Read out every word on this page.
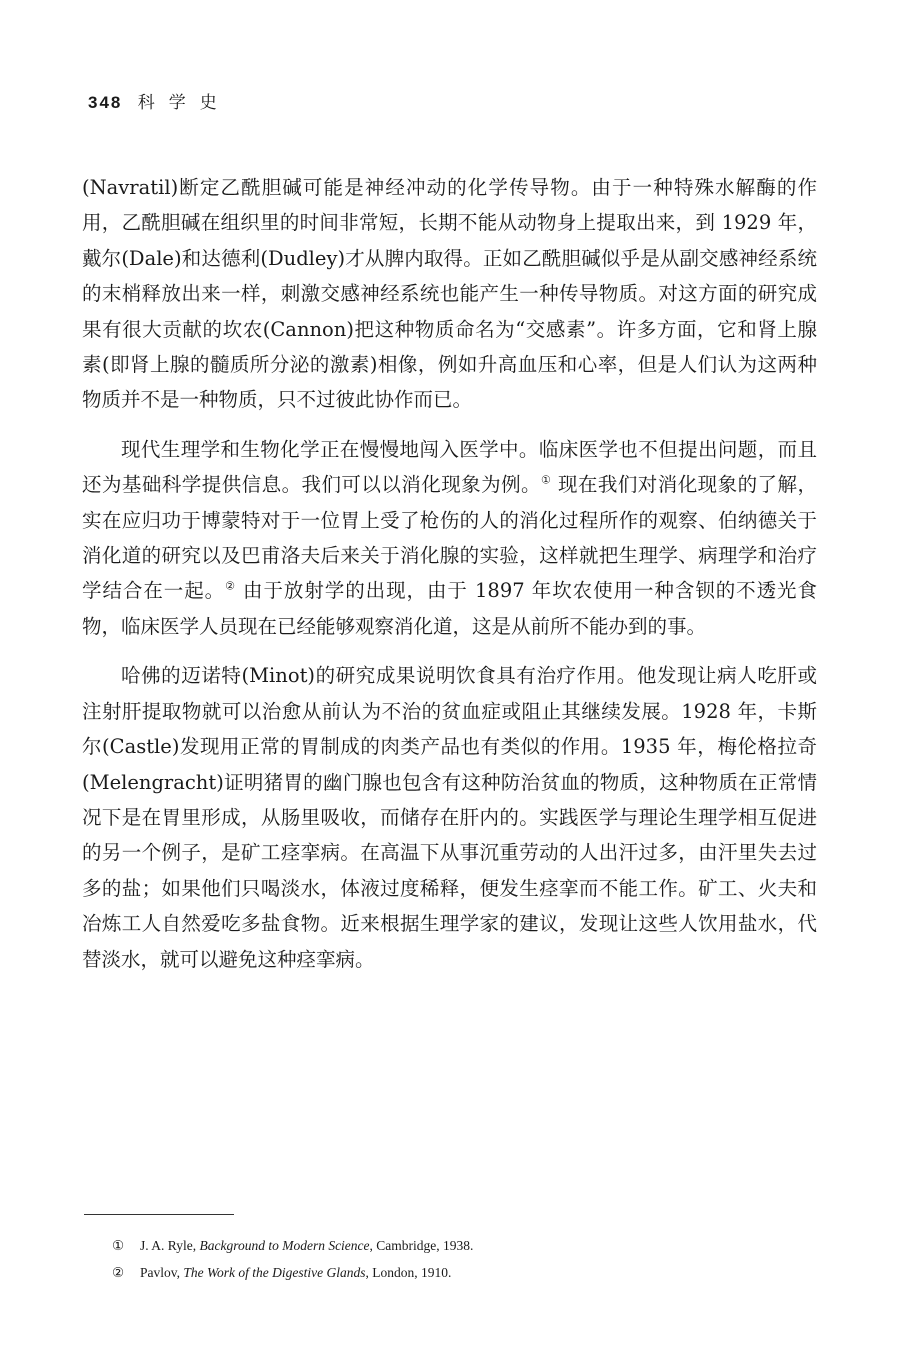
348 科学史

(Navratil)断定乙酰胆碱可能是神经冲动的化学传导物。由于一种特殊水解酶的作用，乙酰胆碱在组织里的时间非常短，长期不能从动物身上提取出来，到 1929 年，戴尔(Dale)和达德利(Dudley)才从脾内取得。正如乙酰胆碱似乎是从副交感神经系统的末梢释放出来一样，刺激交感神经系统也能产生一种传导物质。对这方面的研究成果有很大贡献的坎农(Cannon)把这种物质命名为“交感素”。许多方面，它和肾上腺素(即肾上腺的髓质所分泌的激素)相像，例如升高血压和心率，但是人们认为这两种物质并不是一种物质，只不过彼此协作而已。

现代生理学和生物化学正在慢慢地闯入医学中。临床医学也不但提出问题，而且还为基础科学提供信息。我们可以以消化现象为例。① 现在我们对消化现象的了解，实在应归功于博蒙特对于一位胃上受了枪伤的人的消化过程所作的观察、伯纳德关于消化道的研究以及巴甫洛夫后来关于消化腺的实验，这样就把生理学、病理学和治疗学结合在一起。② 由于放射学的出现，由于 1897 年坎农使用一种含钡的不透光食物，临床医学人员现在已经能够观察消化道，这是从前所不能办到的事。

哈佛的迈诺特(Minot)的研究成果说明饮食具有治疗作用。他发现让病人吃肝或注射肝提取物就可以治愈从前认为不治的贫血症或阻止其继续发展。1928 年，卡斯尔(Castle)发现用正常的胃制成的肉类产品也有类似的作用。1935 年，梅伦格拉奇(Melengracht)证明猪胃的幽门腺也包含有这种防治贫血的物质，这种物质在正常情况下是在胃里形成，从肠里吸收，而储存在肝内的。实践医学与理论生理学相互促进的另一个例子，是矿工痉挛病。在高温下从事沉重劳动的人出汗过多，由汗里失去过多的盐；如果他们只喝淡水，体液过度稀释，便发生痉挛而不能工作。矿工、火夫和冶炼工人自然爱吃多盐食物。近来根据生理学家的建议，发现让这些人饮用盐水，代替淡水，就可以避免这种痉挛病。

① J. A. Ryle, Background to Modern Science, Cambridge, 1938.
② Pavlov, The Work of the Digestive Glands, London, 1910.
